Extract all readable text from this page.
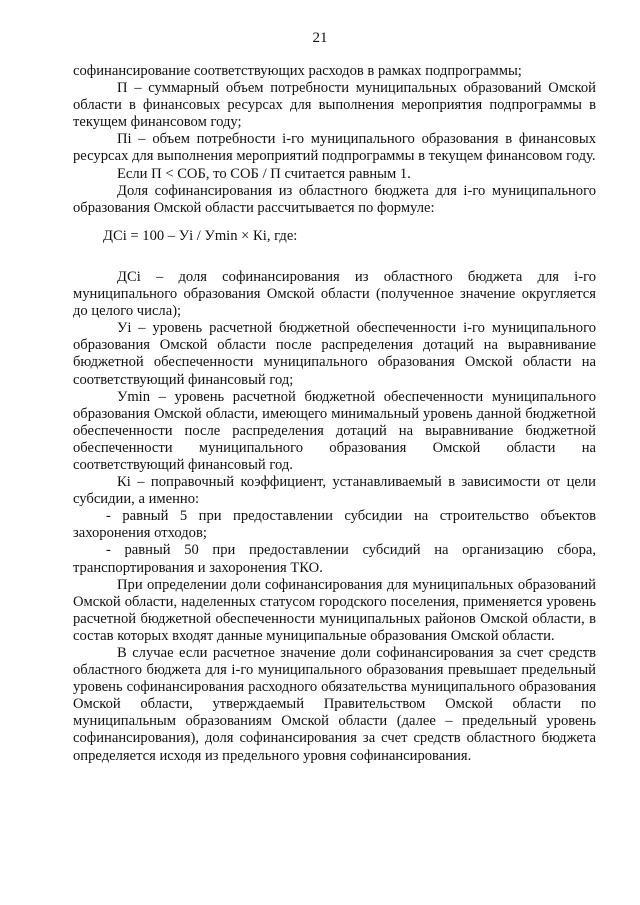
21

софинансирование соответствующих расходов в рамках подпрограммы;

П – суммарный объем потребности муниципальных образований Омской области в финансовых ресурсах для выполнения мероприятия подпрограммы в текущем финансовом году;

Пi – объем потребности i-го муниципального образования в финансовых ресурсах для выполнения мероприятий подпрограммы в текущем финансовом году.

Если П < СОБ, то СОБ / П считается равным 1.

Доля софинансирования из областного бюджета для i-го муниципального образования Омской области рассчитывается по формуле:

ДСi = 100 – Уi / Уmin × Кi, где:

ДСi – доля софинансирования из областного бюджета для i-го муниципального образования Омской области (полученное значение округляется до целого числа);

Уi – уровень расчетной бюджетной обеспеченности i-го муниципального образования Омской области после распределения дотаций на выравнивание бюджетной обеспеченности муниципального образования Омской области на соответствующий финансовый год;

Уmin – уровень расчетной бюджетной обеспеченности муниципального образования Омской области, имеющего минимальный уровень данной бюджетной обеспеченности после распределения дотаций на выравнивание бюджетной обеспеченности муниципального образования Омской области на соответствующий финансовый год.

Кi – поправочный коэффициент, устанавливаемый в зависимости от цели субсидии, а именно:

- равный 5 при предоставлении субсидии на строительство объектов захоронения отходов;

- равный 50 при предоставлении субсидий на организацию сбора, транспортирования и захоронения ТКО.

При определении доли софинансирования для муниципальных образований Омской области, наделенных статусом городского поселения, применяется уровень расчетной бюджетной обеспеченности муниципальных районов Омской области, в состав которых входят данные муниципальные образования Омской области.

В случае если расчетное значение доли софинансирования за счет средств областного бюджета для i-го муниципального образования превышает предельный уровень софинансирования расходного обязательства муниципального образования Омской области, утверждаемый Правительством Омской области по муниципальным образованиям Омской области (далее – предельный уровень софинансирования), доля софинансирования за счет средств областного бюджета определяется исходя из предельного уровня софинансирования.
